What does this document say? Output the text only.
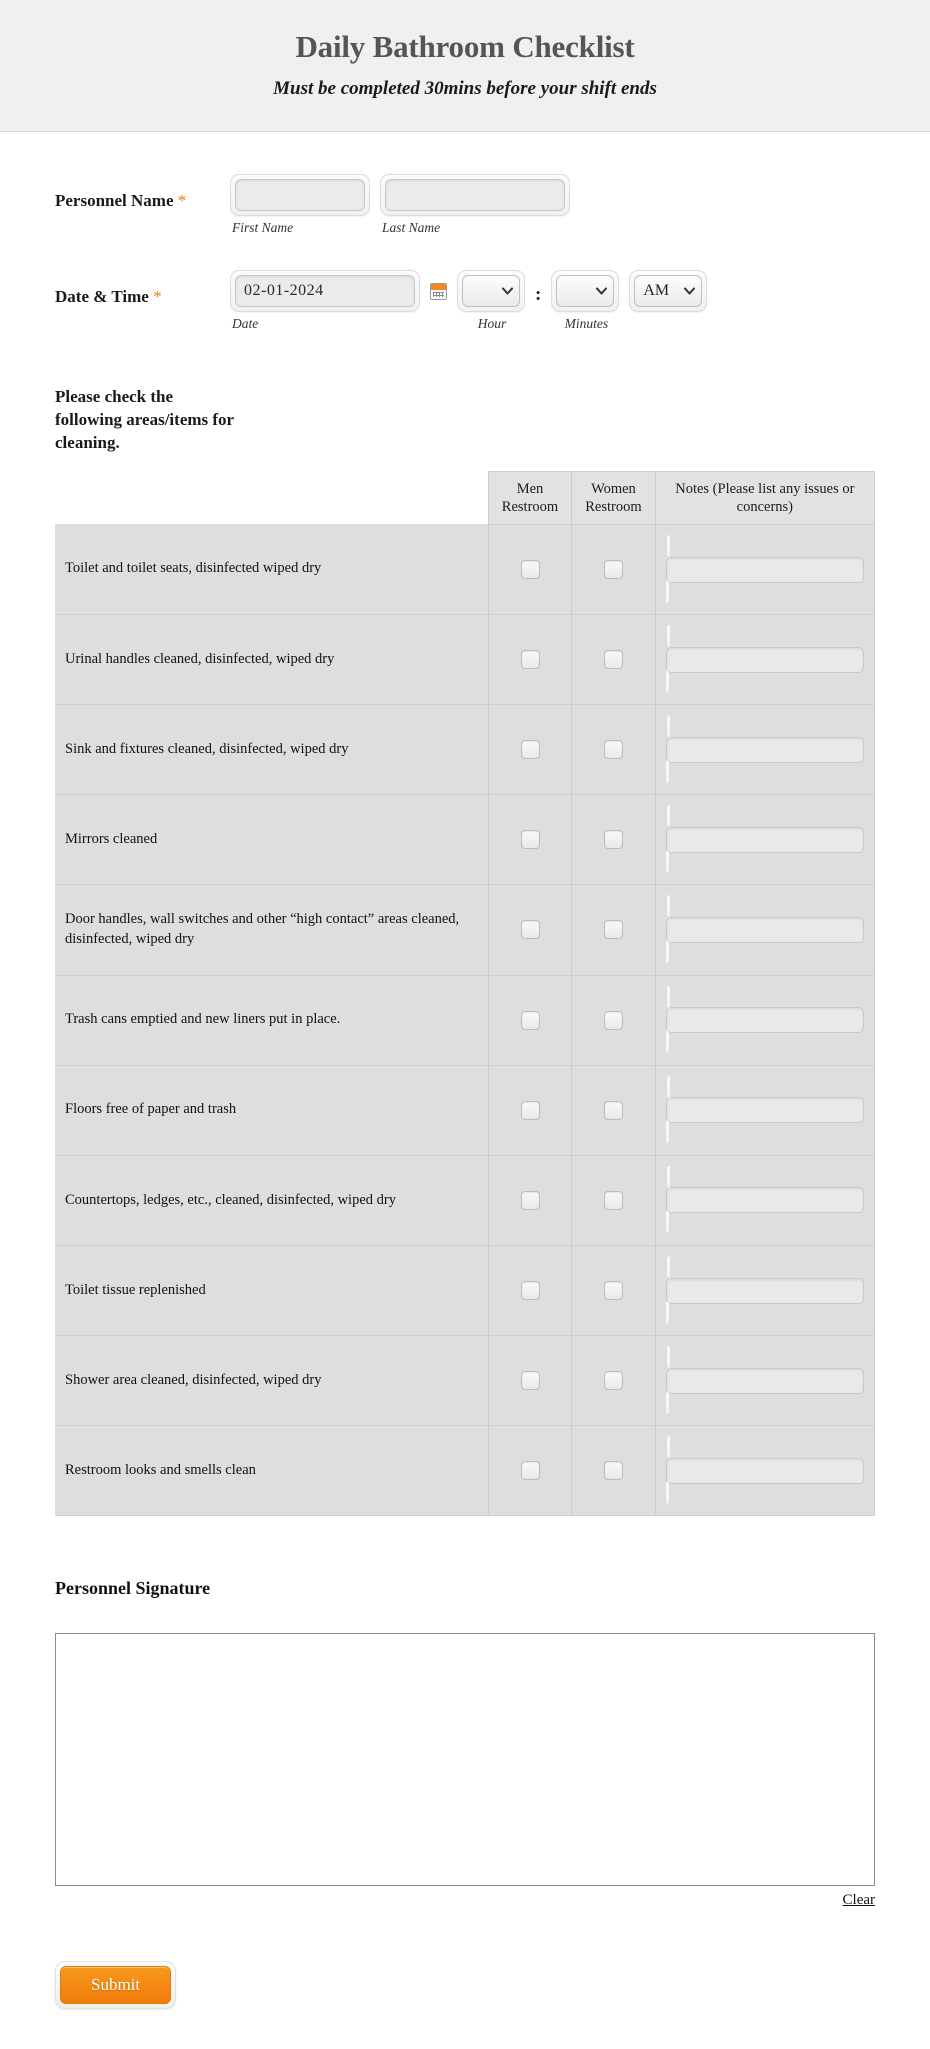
Daily Bathroom Checklist
Must be completed 30mins before your shift ends
Personnel Name *
First Name	Last Name
Date & Time *
02-01-2024
Date	Hour
:
Minutes
AM
Please check the following areas/items for cleaning.
	Men Restroom	Women Restroom	Notes (Please list any issues or concerns)
Toilet and toilet seats, disinfected wiped dry			

Urinal handles cleaned, disinfected, wiped dry			

Sink and fixtures cleaned, disinfected, wiped dry			

Mirrors cleaned			

Door handles, wall switches and other “high contact” areas cleaned, disinfected, wiped dry			

Trash cans emptied and new liners put in place.			

Floors free of paper and trash			

Countertops, ledges, etc., cleaned, disinfected, wiped dry			

Toilet tissue replenished			

Shower area cleaned, disinfected, wiped dry			

Restroom looks and smells clean			
Personnel Signature
Clear
Submit
